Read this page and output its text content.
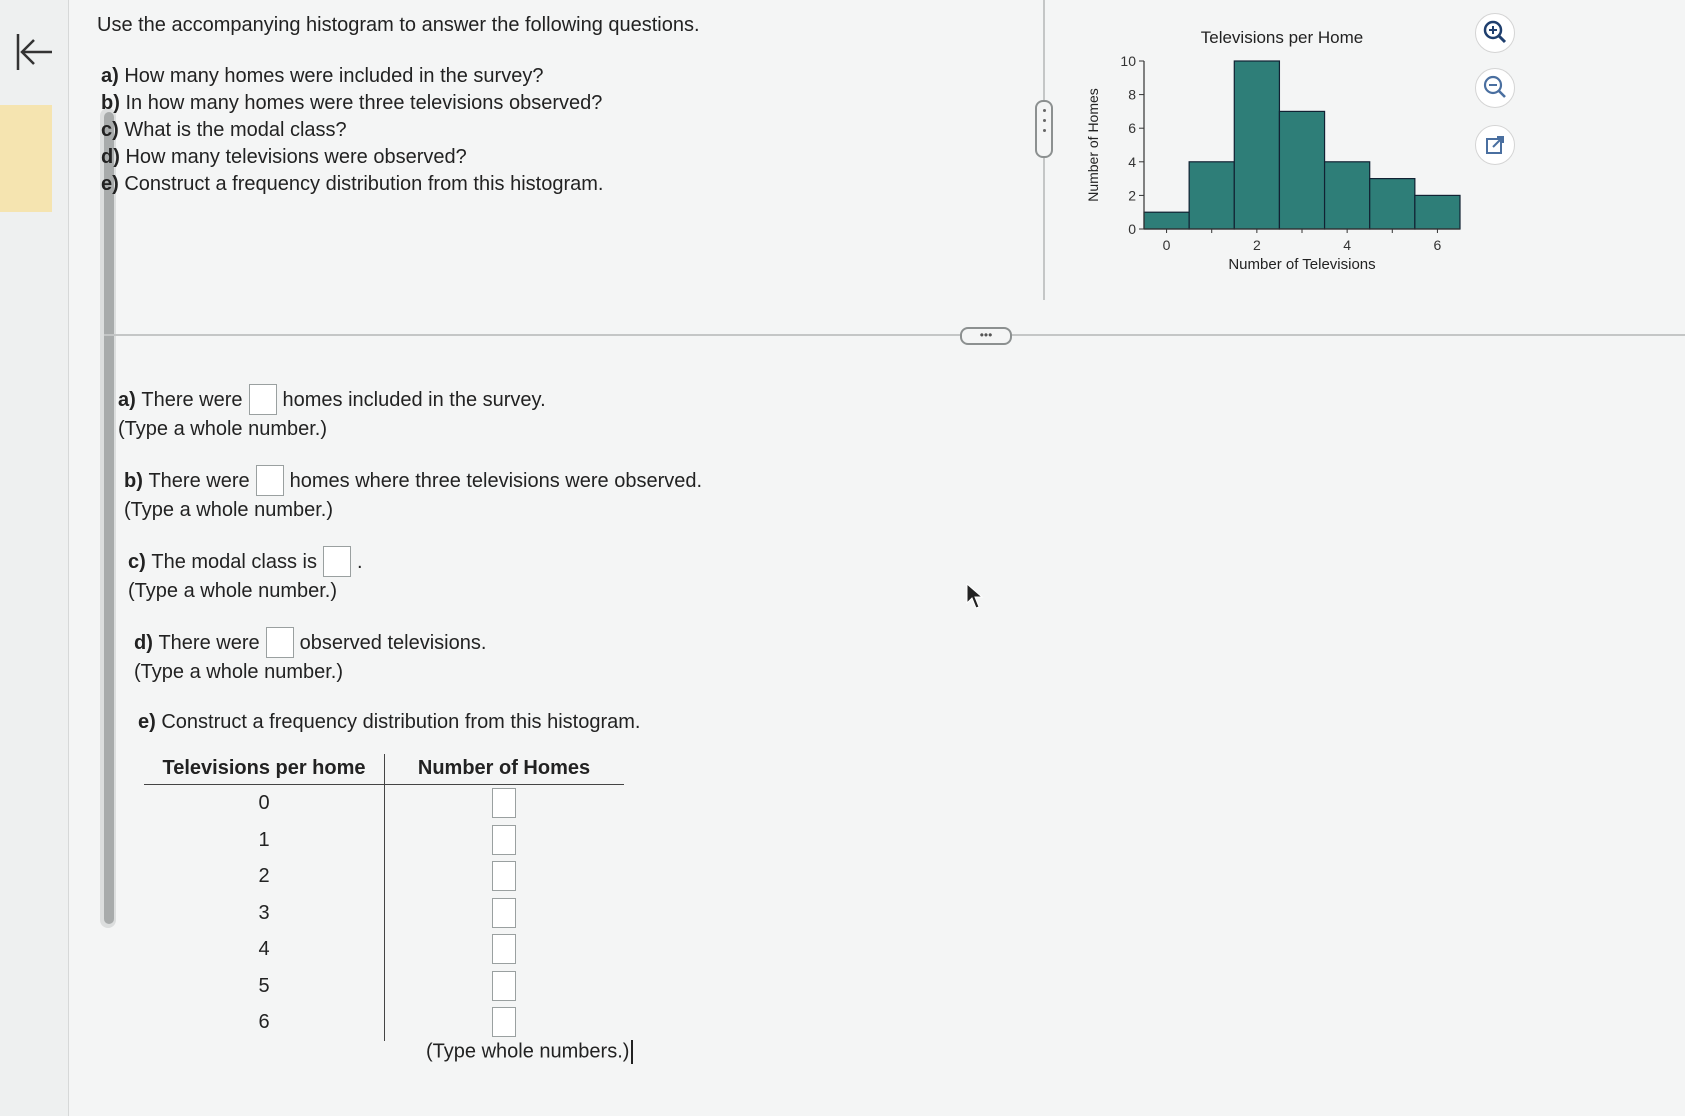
Use the accompanying histogram to answer the following questions.

a) How many homes were included in the survey?

b) In how many homes were three televisions observed?

c) What is the modal class?

d) How many televisions were observed?

e) Construct a frequency distribution from this histogram.

•••
Televisions per Home
0
2
4
6
8
10
0	2	4	6
Number of Televisions
Number of Homes
a)
There were homes included in the survey.
(Type a whole number.)
b)
There were homes where three televisions were observed.
(Type a whole number.)
c)
The modal class is .
(Type a whole number.)
d)
There were observed televisions.
(Type a whole number.)
e)
Construct a frequency distribution from this histogram.
Televisions per home	Number of Homes
0
1
2
3
4
5
6
(Type whole numbers.)
